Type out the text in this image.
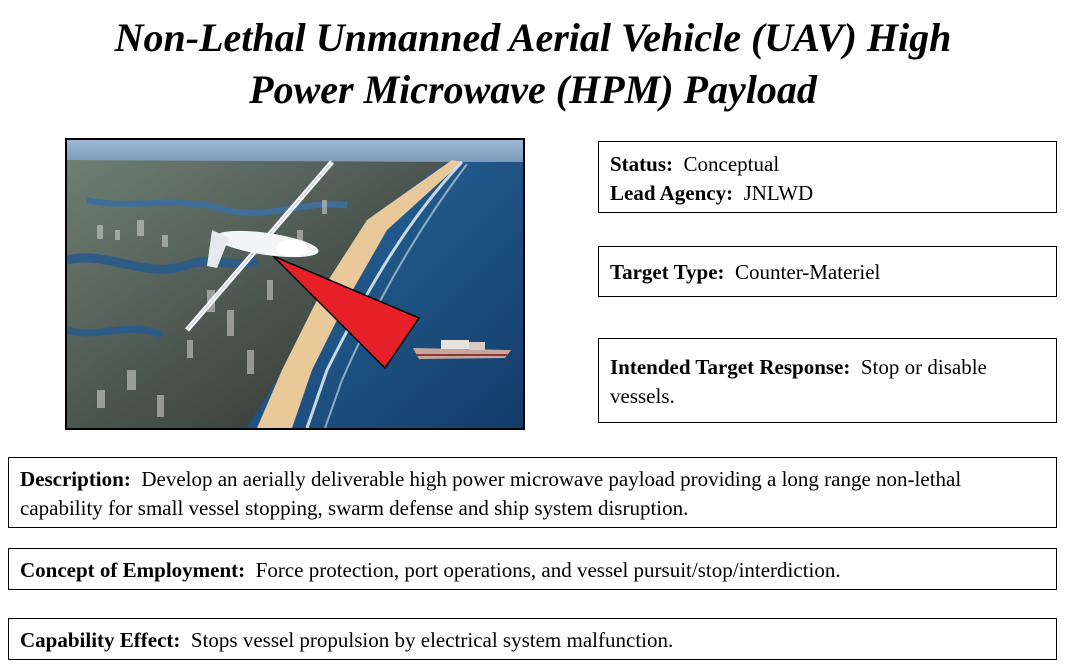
Non-Lethal Unmanned Aerial Vehicle (UAV) High
Power Microwave (HPM) Payload
Status: Conceptual
Lead Agency: JNLWD
Target Type: Counter-Materiel
Intended Target Response: Stop or disable vessels.
Description: Develop an aerially deliverable high power microwave payload providing a long range non-lethal capability for small vessel stopping, swarm defense and ship system disruption.
Concept of Employment: Force protection, port operations, and vessel pursuit/stop/interdiction.
Capability Effect: Stops vessel propulsion by electrical system malfunction.
